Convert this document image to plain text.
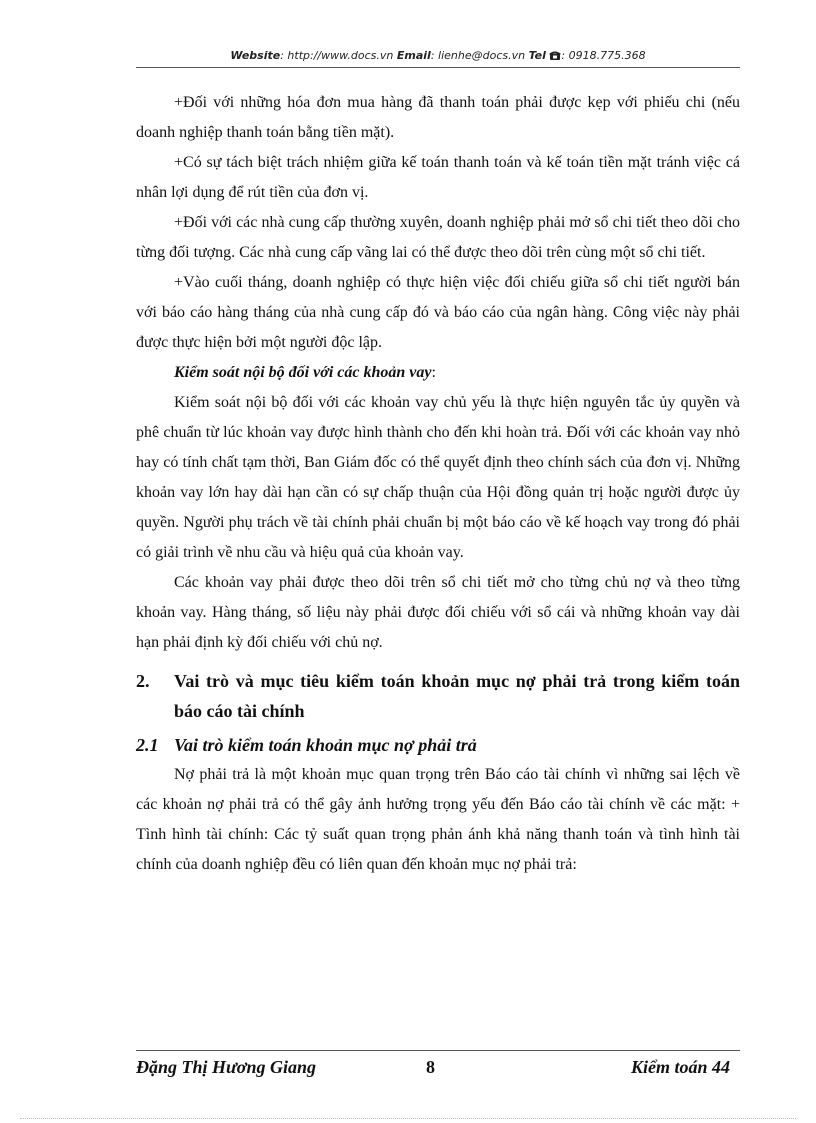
Website: http://www.docs.vn Email: lienhe@docs.vn Tel : 0918.775.368

+Đối với những hóa đơn mua hàng đã thanh toán phải được kẹp với phiếu chi (nếu doanh nghiệp thanh toán bằng tiền mặt).

+Có sự tách biệt trách nhiệm giữa kế toán thanh toán và kế toán tiền mặt tránh việc cá nhân lợi dụng để rút tiền của đơn vị.

+Đối với các nhà cung cấp thường xuyên, doanh nghiệp phải mở sổ chi tiết theo dõi cho từng đối tượng. Các nhà cung cấp vãng lai có thể được theo dõi trên cùng một sổ chi tiết.

+Vào cuối tháng, doanh nghiệp có thực hiện việc đối chiếu giữa sổ chi tiết người bán với báo cáo hàng tháng của nhà cung cấp đó và báo cáo của ngân hàng. Công việc này phải được thực hiện bởi một người độc lập.

Kiểm soát nội bộ đối với các khoản vay:

Kiểm soát nội bộ đối với các khoản vay chủ yếu là thực hiện nguyên tắc ủy quyền và phê chuẩn từ lúc khoản vay được hình thành cho đến khi hoàn trả. Đối với các khoản vay nhỏ hay có tính chất tạm thời, Ban Giám đốc có thể quyết định theo chính sách của đơn vị. Những khoản vay lớn hay dài hạn cần có sự chấp thuận của Hội đồng quản trị hoặc người được ủy quyền. Người phụ trách về tài chính phải chuẩn bị một báo cáo về kế hoạch vay trong đó phải có giải trình về nhu cầu và hiệu quả của khoản vay.

Các khoản vay phải được theo dõi trên sổ chi tiết mở cho từng chủ nợ và theo từng khoản vay. Hàng tháng, số liệu này phải được đối chiếu với sổ cái và những khoản vay dài hạn phải định kỳ đối chiếu với chủ nợ.

2.	Vai trò và mục tiêu kiểm toán khoản mục nợ phải trả trong kiểm toán báo cáo tài chính
2.1 Vai trò kiểm toán khoản mục nợ phải trả

Nợ phải trả là một khoản mục quan trọng trên Báo cáo tài chính vì những sai lệch về các khoản nợ phải trả có thể gây ảnh hưởng trọng yếu đến Báo cáo tài chính về các mặt: + Tình hình tài chính: Các tỷ suất quan trọng phản ánh khả năng thanh toán và tình hình tài chính của doanh nghiệp đều có liên quan đến khoản mục nợ phải trả:

Đặng Thị Hương Giang	8	Kiểm toán 44
